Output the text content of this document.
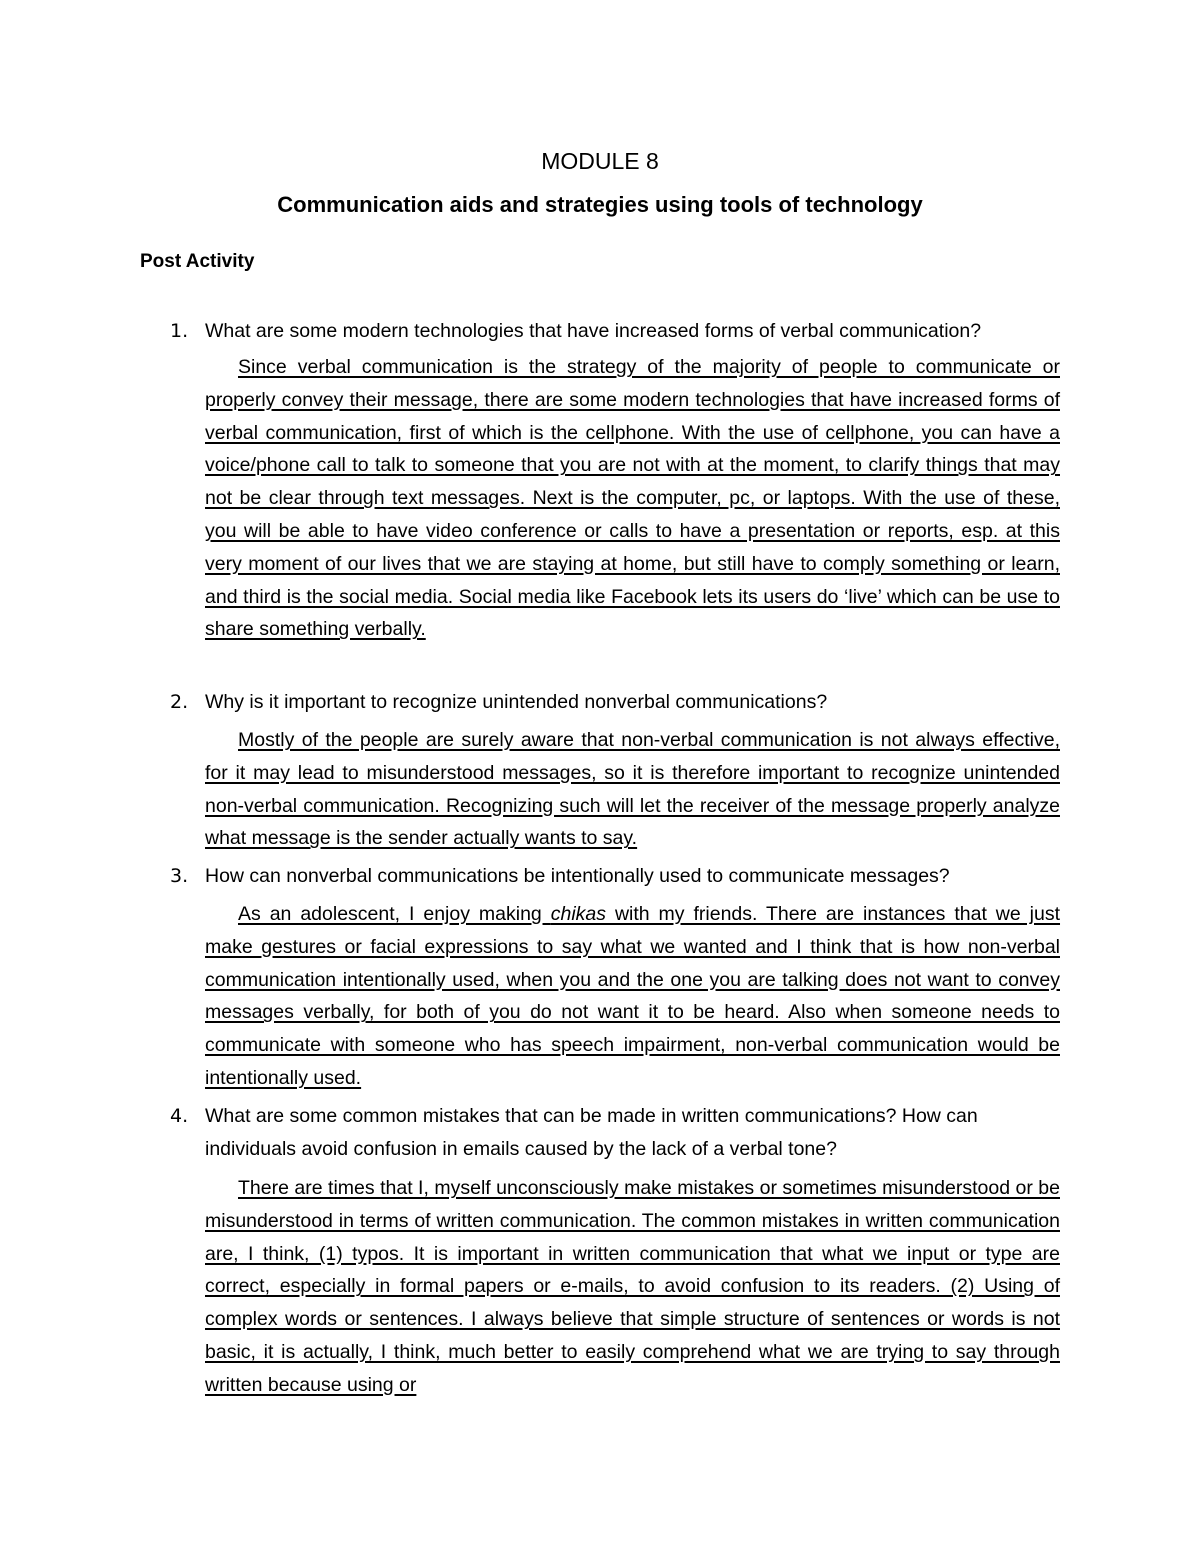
MODULE 8
Communication aids and strategies using tools of technology
Post Activity
1. What are some modern technologies that have increased forms of verbal communication?
Since verbal communication is the strategy of the majority of people to communicate or properly convey their message, there are some modern technologies that have increased forms of verbal communication, first of which is the cellphone. With the use of cellphone, you can have a voice/phone call to talk to someone that you are not with at the moment, to clarify things that may not be clear through text messages. Next is the computer, pc, or laptops. With the use of these, you will be able to have video conference or calls to have a presentation or reports, esp. at this very moment of our lives that we are staying at home, but still have to comply something or learn, and third is the social media. Social media like Facebook lets its users do ‘live’ which can be use to share something verbally.
2. Why is it important to recognize unintended nonverbal communications?
Mostly of the people are surely aware that non-verbal communication is not always effective, for it may lead to misunderstood messages, so it is therefore important to recognize unintended non-verbal communication. Recognizing such will let the receiver of the message properly analyze what message is the sender actually wants to say.
3. How can nonverbal communications be intentionally used to communicate messages?
As an adolescent, I enjoy making chikas with my friends. There are instances that we just make gestures or facial expressions to say what we wanted and I think that is how non-verbal communication intentionally used, when you and the one you are talking does not want to convey messages verbally, for both of you do not want it to be heard. Also when someone needs to communicate with someone who has speech impairment, non-verbal communication would be intentionally used.
4. What are some common mistakes that can be made in written communications? How can individuals avoid confusion in emails caused by the lack of a verbal tone?
There are times that I, myself unconsciously make mistakes or sometimes misunderstood or be misunderstood in terms of written communication. The common mistakes in written communication are, I think, (1) typos. It is important in written communication that what we input or type are correct, especially in formal papers or e-mails, to avoid confusion to its readers. (2) Using of complex words or sentences. I always believe that simple structure of sentences or words is not basic, it is actually, I think, much better to easily comprehend what we are trying to say through written because using or
